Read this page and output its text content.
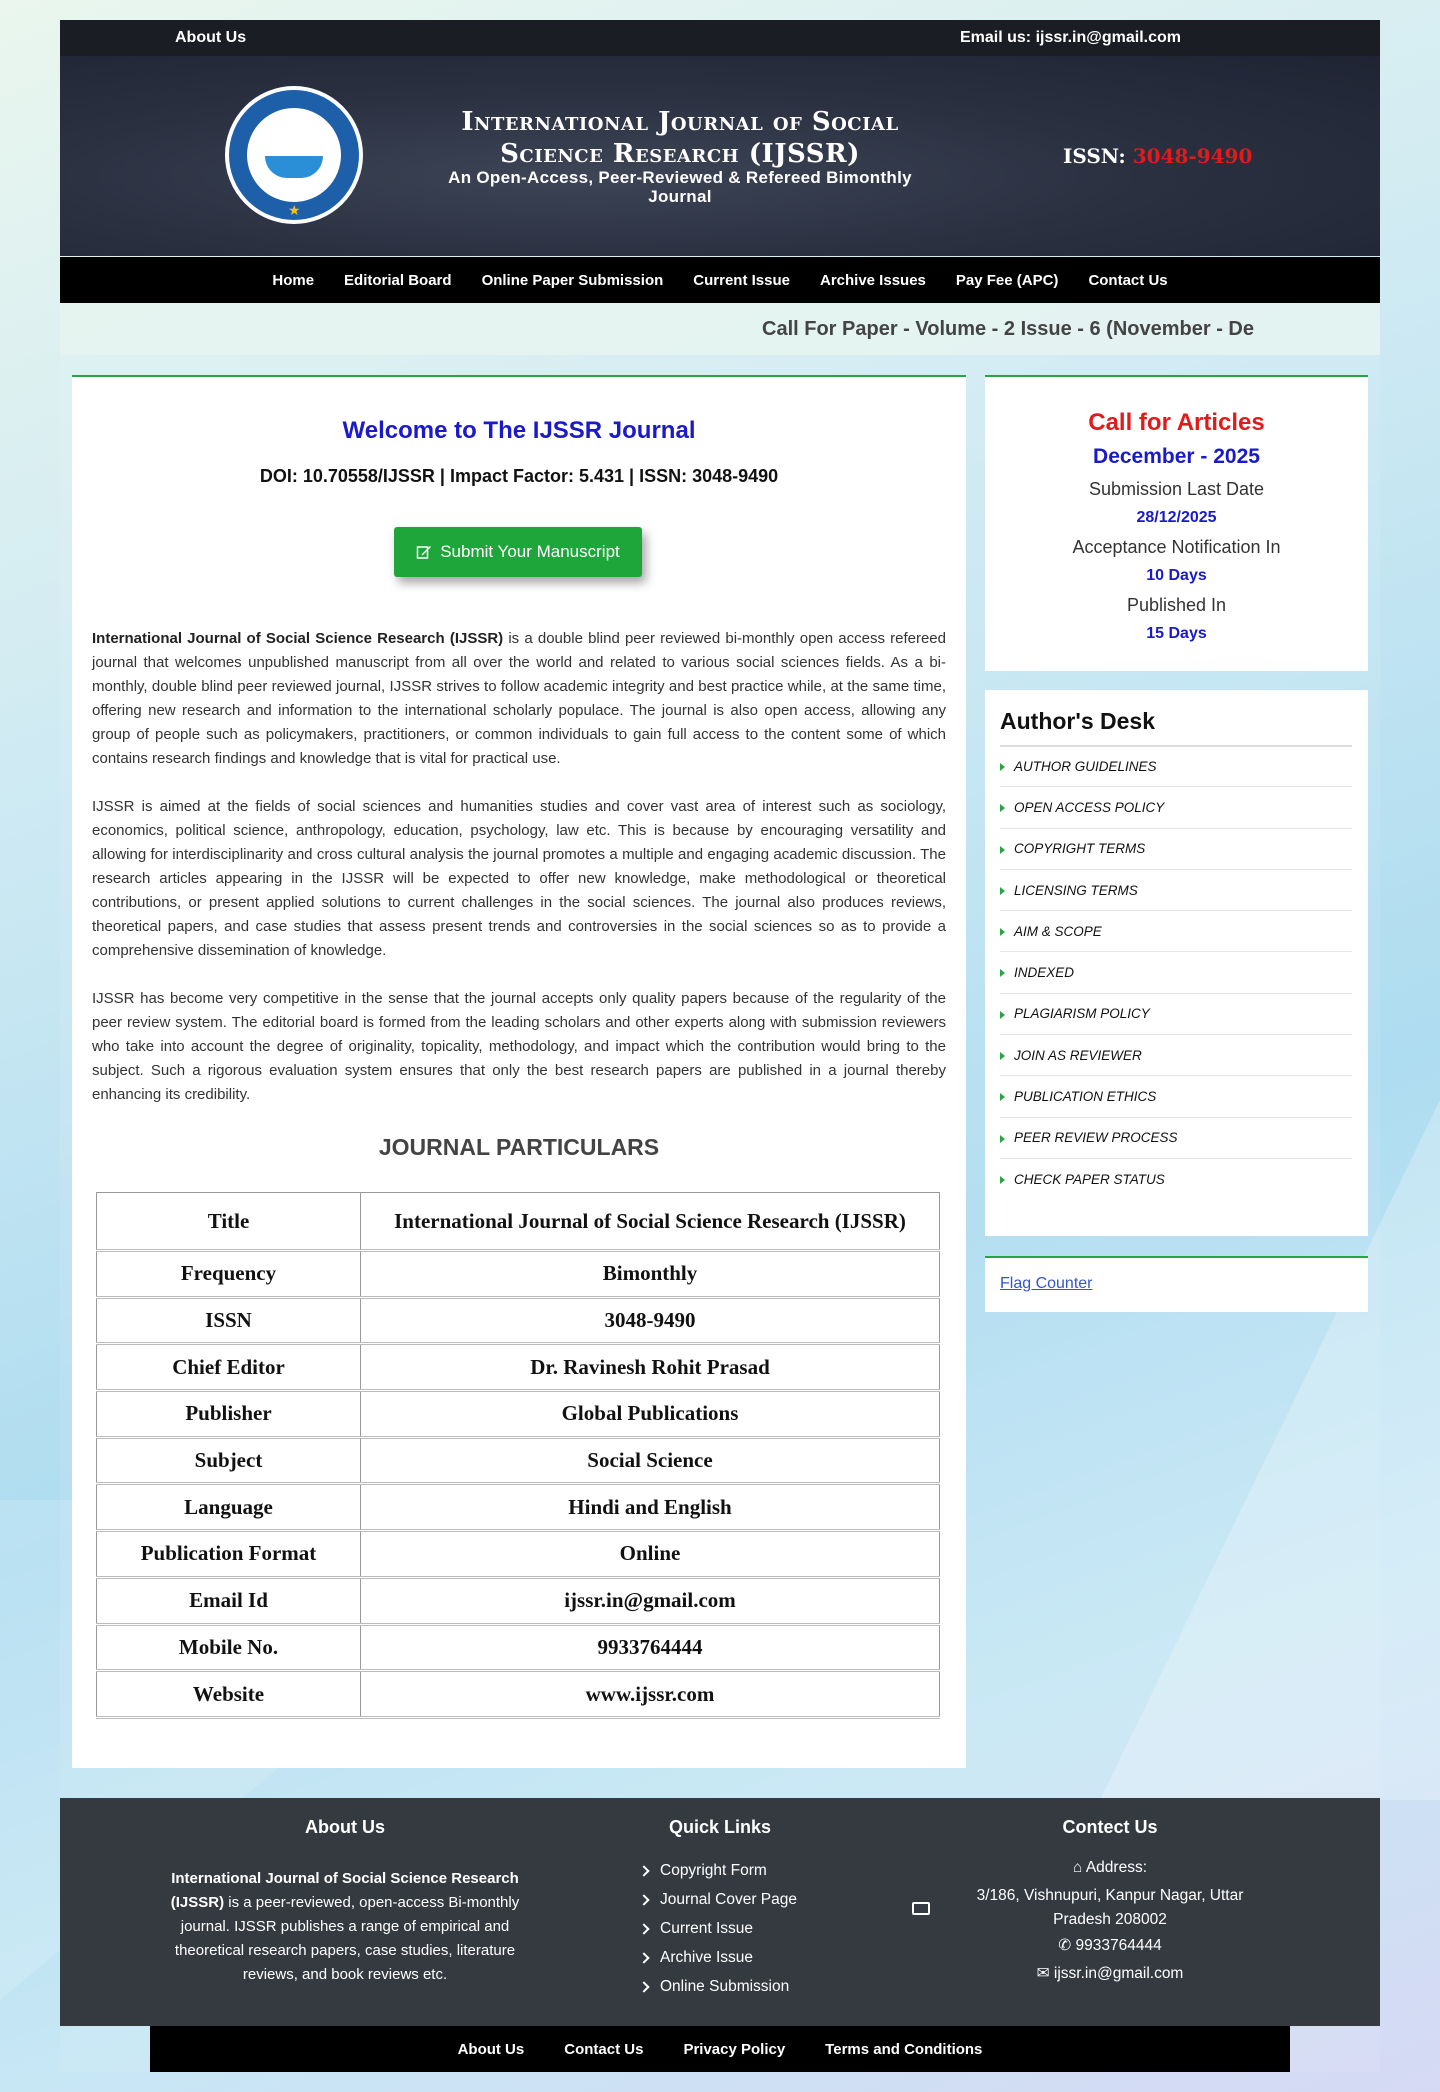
About Us	Email us: ijssr.in@gmail.com
★
International Journal of Social Science Research (IJSSR)
An Open-Access, Peer-Reviewed & Refereed Bimonthly Journal
ISSN: 3048-9490
Home Editorial Board Online Paper Submission Current Issue Archive Issues Pay Fee (APC) Contact Us
Call For Paper - Volume - 2 Issue - 6 (November - De
Welcome to The IJSSR Journal
DOI: 10.70558/IJSSR | Impact Factor: 5.431 | ISSN: 3048-9490
Submit Your Manuscript

International Journal of Social Science Research (IJSSR) is a double blind peer reviewed bi-monthly open access refereed journal that welcomes unpublished manuscript from all over the world and related to various social sciences fields. As a bi-monthly, double blind peer reviewed journal, IJSSR strives to follow academic integrity and best practice while, at the same time, offering new research and information to the international scholarly populace. The journal is also open access, allowing any group of people such as policymakers, practitioners, or common individuals to gain full access to the content some of which contains research findings and knowledge that is vital for practical use.

IJSSR is aimed at the fields of social sciences and humanities studies and cover vast area of interest such as sociology, economics, political science, anthropology, education, psychology, law etc. This is because by encouraging versatility and allowing for interdisciplinarity and cross cultural analysis the journal promotes a multiple and engaging academic discussion. The research articles appearing in the IJSSR will be expected to offer new knowledge, make methodological or theoretical contributions, or present applied solutions to current challenges in the social sciences. The journal also produces reviews, theoretical papers, and case studies that assess present trends and controversies in the social sciences so as to provide a comprehensive dissemination of knowledge.

IJSSR has become very competitive in the sense that the journal accepts only quality papers because of the regularity of the peer review system. The editorial board is formed from the leading scholars and other experts along with submission reviewers who take into account the degree of originality, topicality, methodology, and impact which the contribution would bring to the subject. Such a rigorous evaluation system ensures that only the best research papers are published in a journal thereby enhancing its credibility.

JOURNAL PARTICULARS
Title	International Journal of Social Science Research (IJSSR)
Frequency	Bimonthly
ISSN	3048-9490
Chief Editor	Dr. Ravinesh Rohit Prasad
Publisher	Global Publications
Subject	Social Science
Language	Hindi and English
Publication Format	Online
Email Id	ijssr.in@gmail.com
Mobile No.	9933764444
Website	www.ijssr.com
Call for Articles
December - 2025
Submission Last Date
28/12/2025
Acceptance Notification In
10 Days
Published In
15 Days
Author's Desk
AUTHOR GUIDELINES
OPEN ACCESS POLICY
COPYRIGHT TERMS
LICENSING TERMS
AIM & SCOPE
INDEXED
PLAGIARISM POLICY
JOIN AS REVIEWER
PUBLICATION ETHICS
PEER REVIEW PROCESS
CHECK PAPER STATUS
Flag Counter
About Us
International Journal of Social Science Research (IJSSR) is a peer-reviewed, open-access Bi-monthly journal. IJSSR publishes a range of empirical and theoretical research papers, case studies, literature reviews, and book reviews etc.
Quick Links
Copyright Form
Journal Cover Page
Current Issue
Archive Issue
Online Submission
Contect Us
⌂ Address:
3/186, Vishnupuri, Kanpur Nagar, Uttar Pradesh 208002
✆ 9933764444
✉ ijssr.in@gmail.com
About Us	Contact Us	Privacy Policy	Terms and Conditions
